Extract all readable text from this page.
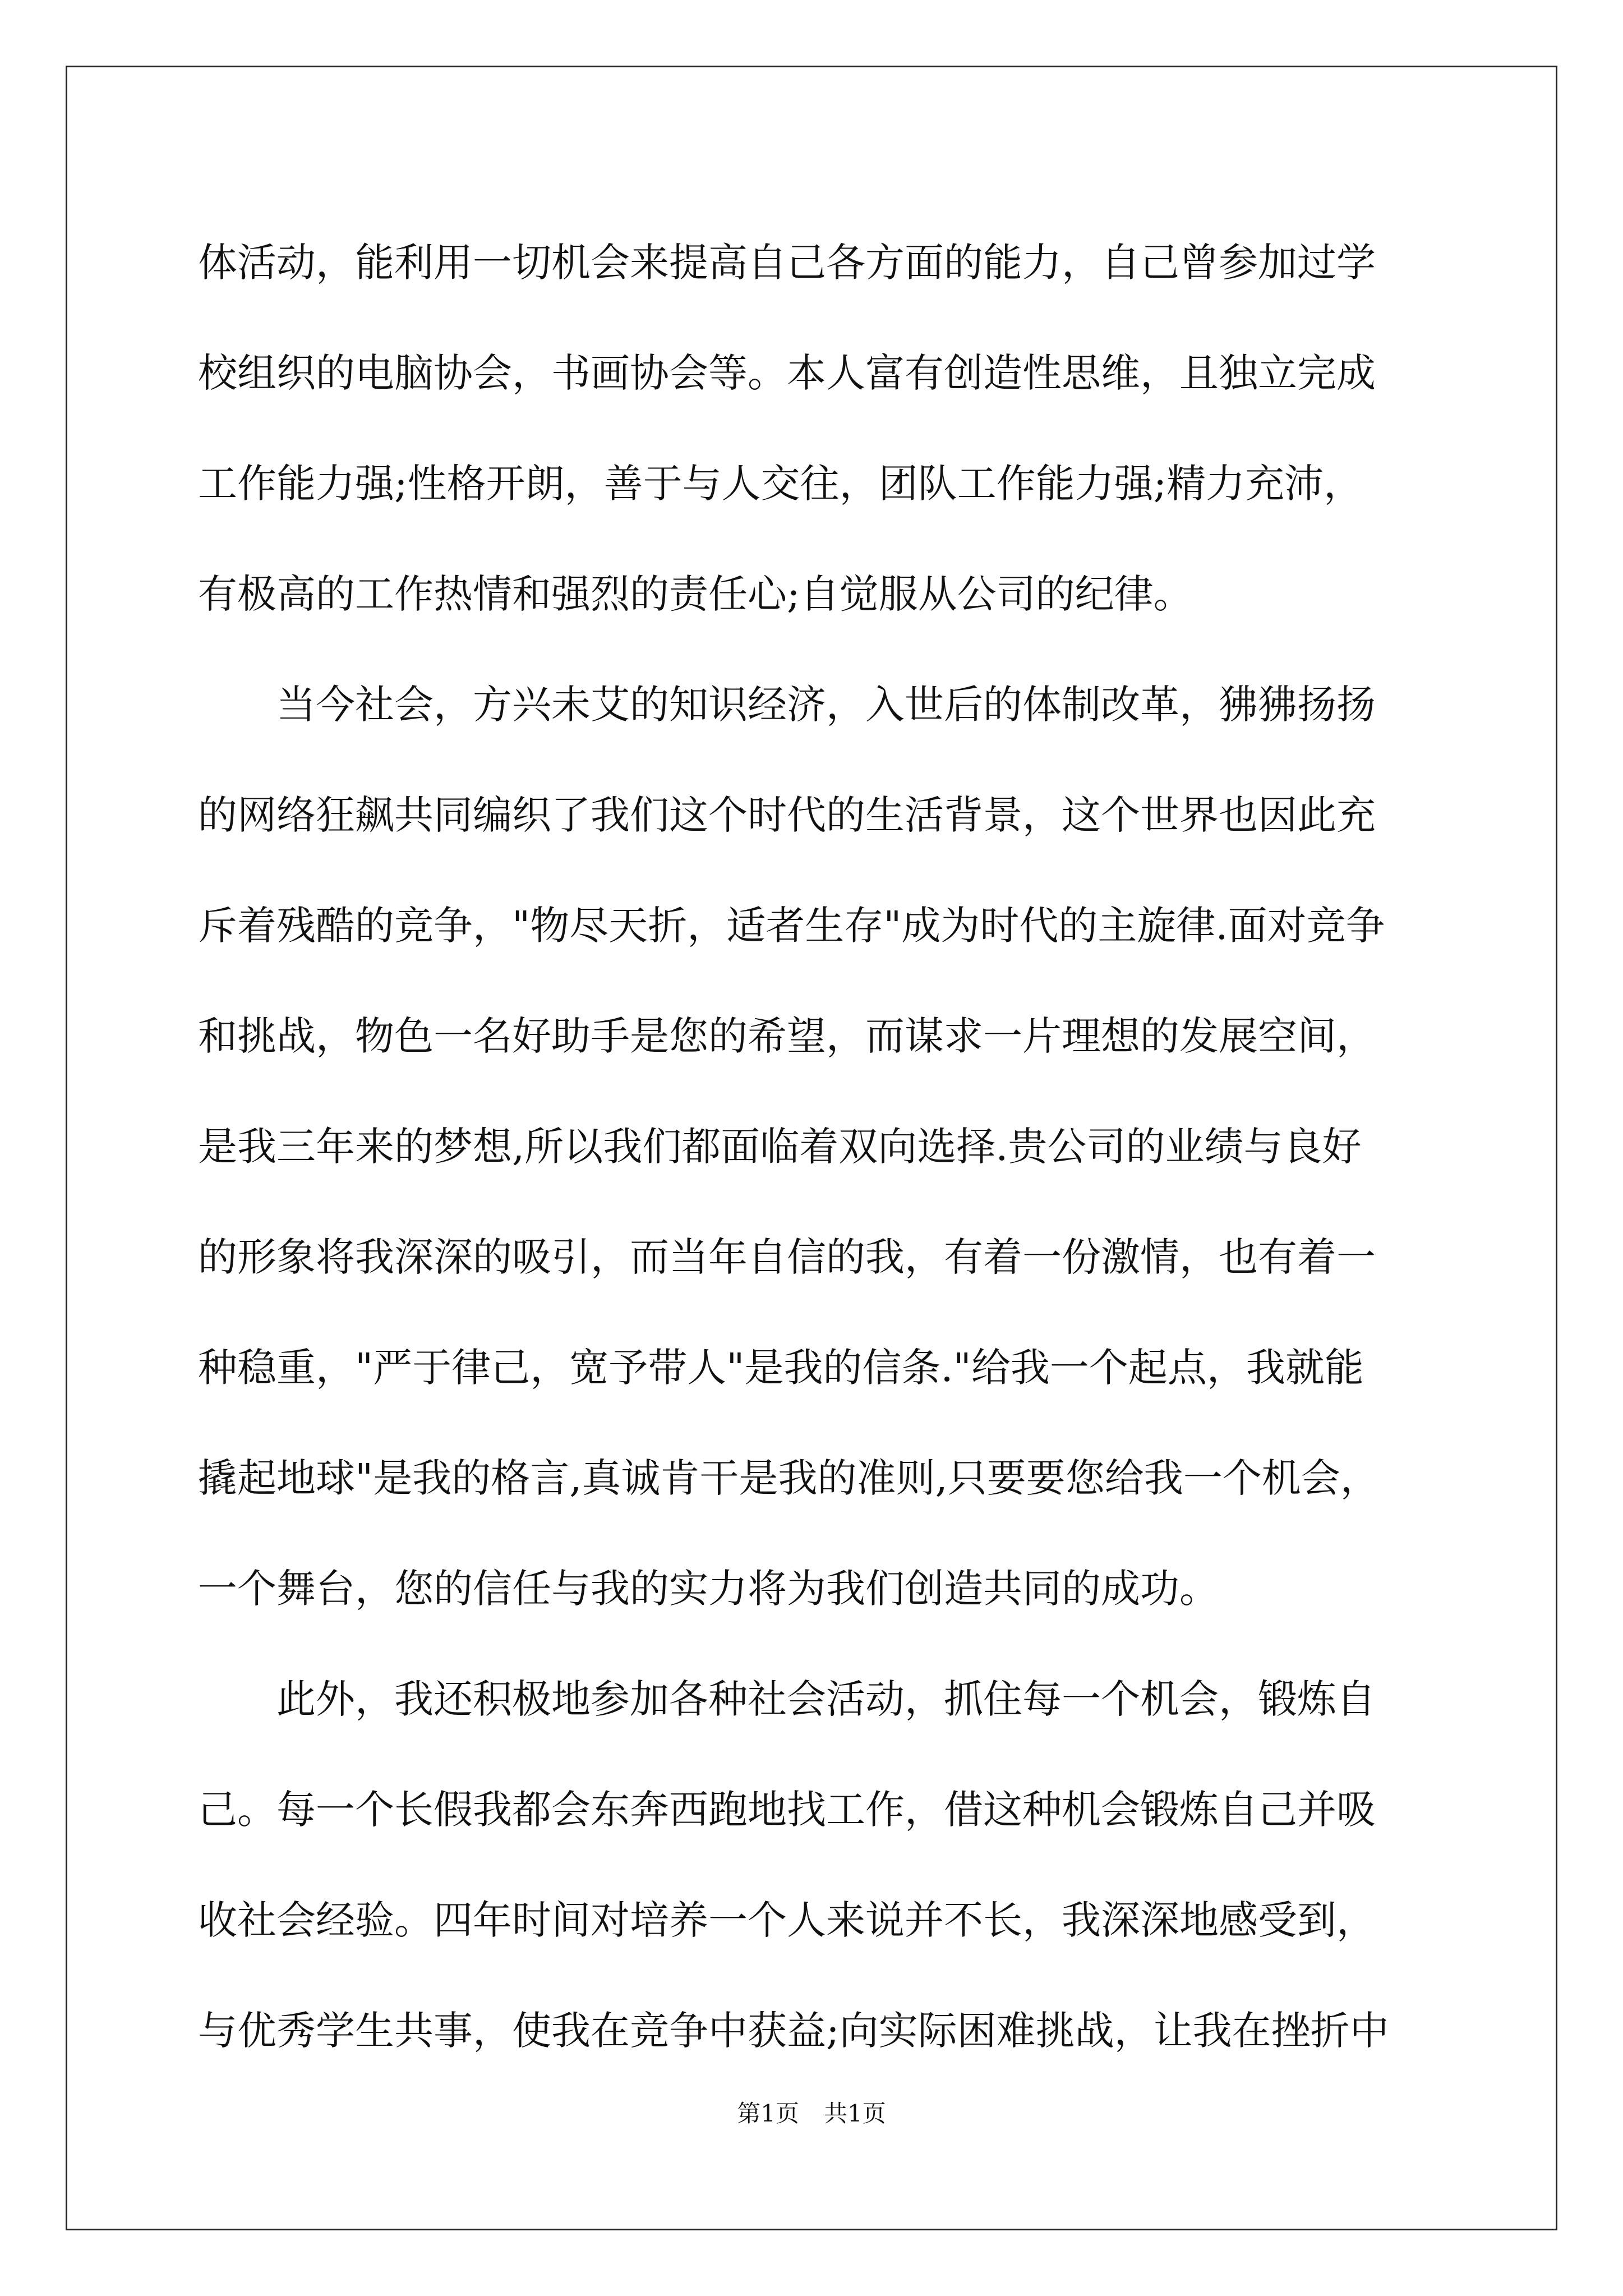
体活动，能利用一切机会来提高自己各方面的能力，自己曾参加过学
校组织的电脑协会，书画协会等。本人富有创造性思维，且独立完成
工作能力强;性格开朗，善于与人交往，团队工作能力强;精力充沛，
有极高的工作热情和强烈的责任心;自觉服从公司的纪律。
当今社会，方兴未艾的知识经济，入世后的体制改革，狒狒扬扬
的网络狂飙共同编织了我们这个时代的生活背景，这个世界也因此充
斥着残酷的竞争，"物尽天折，适者生存"成为时代的主旋律.面对竞争
和挑战，物色一名好助手是您的希望，而谋求一片理想的发展空间，
是我三年来的梦想,所以我们都面临着双向选择.贵公司的业绩与良好
的形象将我深深的吸引，而当年自信的我，有着一份激情，也有着一
种稳重，"严于律己，宽予带人"是我的信条."给我一个起点，我就能
撬起地球"是我的格言,真诚肯干是我的准则,只要要您给我一个机会，
一个舞台，您的信任与我的实力将为我们创造共同的成功。
此外，我还积极地参加各种社会活动，抓住每一个机会，锻炼自
己。每一个长假我都会东奔西跑地找工作，借这种机会锻炼自己并吸
收社会经验。四年时间对培养一个人来说并不长，我深深地感受到，
与优秀学生共事，使我在竞争中获益;向实际困难挑战，让我在挫折中
第1页 共1页
